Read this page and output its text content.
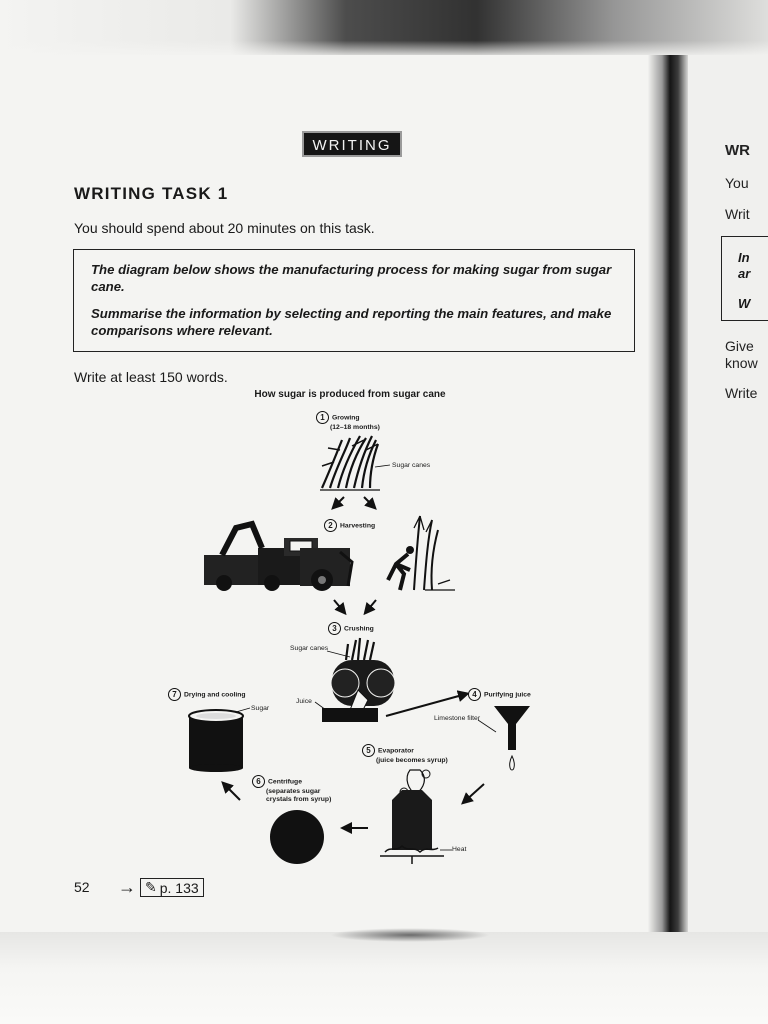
WRITING
WRITING TASK 1
You should spend about 20 minutes on this task.

The diagram below shows the manufacturing process for making sugar from sugar cane.

Summarise the information by selecting and reporting the main features, and make comparisons where relevant.

Write at least 150 words.
How sugar is produced from sugar cane
1 Growing
(12–18 months)
Sugar canes
2 Harvesting
3 Crushing
Sugar canes
Juice
4 Purifying juice
Limestone filter
5 Evaporator
(juice becomes syrup)
Heat
6 Centrifuge
(separates sugar
crystals from syrup)
7 Drying and cooling
Sugar
52 → ✎ p. 133
WR
You
Writ
In
ar
W
Give
know
Write
